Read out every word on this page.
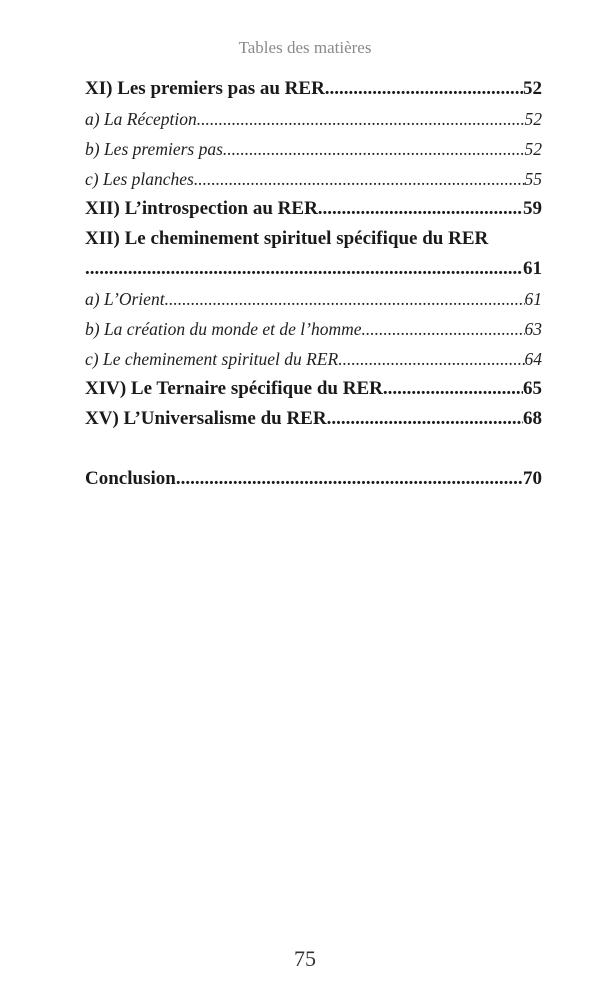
Tables des matières
XI) Les premiers pas au RER .....	52
a) La Réception .....	52
b) Les premiers pas .....	52
c) Les planches .....	55
XII) L’introspection au RER .....	59
XII) Le cheminement spirituel spécifique du RER
.....
61
a) L’Orient .....	61
b) La création du monde et de l’homme .....	63
c) Le cheminement spirituel du RER .....	64
XIV) Le Ternaire spécifique du RER .....	65
XV) L’Universalisme du RER .....	68
Conclusion .....	70
75
